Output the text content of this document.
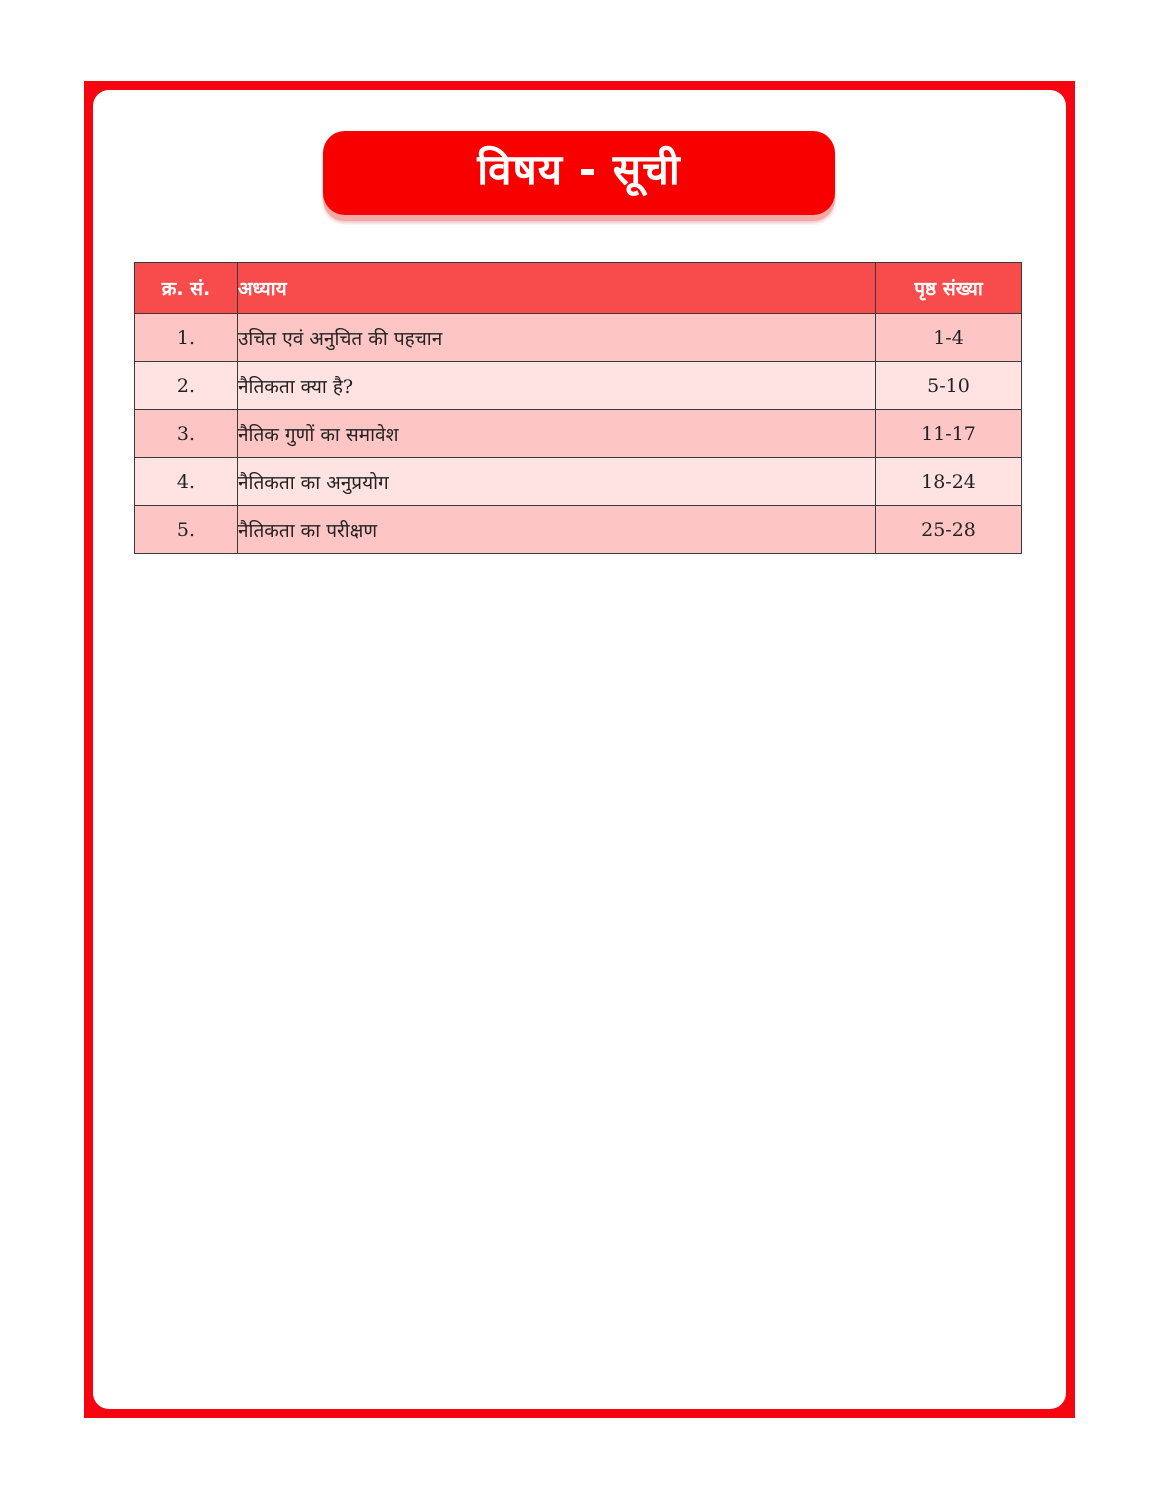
विषय - सूची
क्र. सं.	अध्याय	पृष्ठ संख्या
1.	उचित एवं अनुचित की पहचान	1-4
2.	नैतिकता क्या है?	5-10
3.	नैतिक गुणों का समावेश	11-17
4.	नैतिकता का अनुप्रयोग	18-24
5.	नैतिकता का परीक्षण	25-28
